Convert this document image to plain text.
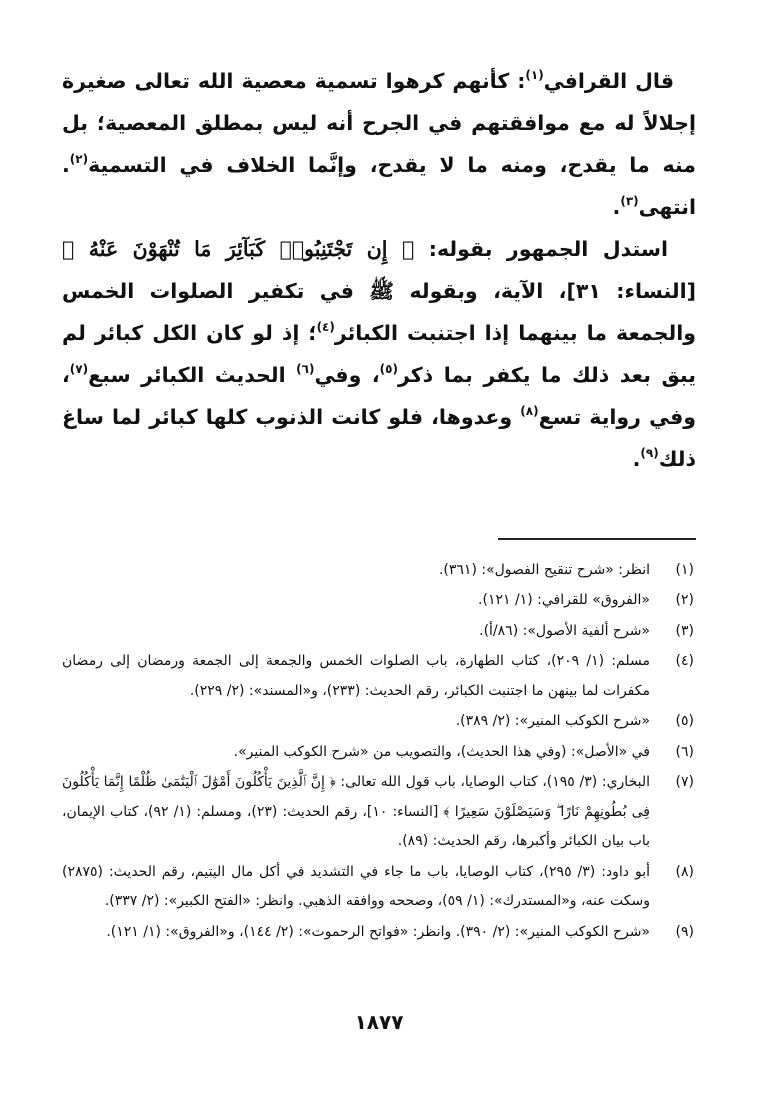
قال القرافي$^{(١)}$: كأنهم كرهوا تسمية معصية الله تعالى صغيرة إجلالاً له مع موافقتهم في الجرح أنه ليس بمطلق المعصية؛ بل منه ما يقدح، ومنه ما لا يقدح، وإنَّما الخلاف في التسمية$^{(٢)}$. انتهى$^{(٣)}$.

استدل الجمهور بقوله: ﴿ إِن تَجْتَنِبُوا۟ كَبَآئِرَ مَا تُنْهَوْنَ عَنْهُ ﴾ [النساء: ٣١]، الآية، وبقوله ﷺ في تكفير الصلوات الخمس والجمعة ما بينهما إذا اجتنبت الكبائر$^{(٤)}$؛ إذ لو كان الكل كبائر لم يبق بعد ذلك ما يكفر بما ذكر$^{(٥)}$، وفي$^{(٦)}$ الحديث الكبائر سبع$^{(٧)}$، وفي رواية تسع$^{(٨)}$ وعدوها، فلو كانت الذنوب كلها كبائر لما ساغ ذلك$^{(٩)}$.

(١)
انظر: «شرح تنقيح الفصول»: (٣٦١).
(٢)
«الفروق» للقرافي: (١/ ١٢١).
(٣)
«شرح ألفية الأصول»: (٨٦/أ).
(٤)
مسلم: (١/ ٢٠٩)، كتاب الطهارة، باب الصلوات الخمس والجمعة إلى الجمعة ورمضان إلى رمضان مكفرات لما بينهن ما اجتنبت الكبائر، رقم الحديث: (٢٣٣)، و«المسند»: (٢/ ٢٢٩).
(٥)
«شرح الكوكب المنير»: (٢/ ٣٨٩).
(٦)
في «الأصل»: (وفي هذا الحديث)، والتصويب من «شرح الكوكب المنير».
(٧)
البخاري: (٣/ ١٩٥)، كتاب الوصايا، باب قول الله تعالى: ﴿ إِنَّ ٱلَّذِينَ يَأْكُلُونَ أَمْوَٰلَ ٱلْيَتَٰمَىٰ ظُلْمًا إِنَّمَا يَأْكُلُونَ فِى بُطُونِهِمْ نَارًا ۖ وَسَيَصْلَوْنَ سَعِيرًا ﴾ [النساء: ١٠]، رقم الحديث: (٢٣)، ومسلم: (١/ ٩٢)، كتاب الإيمان، باب بيان الكبائر وأكبرها، رقم الحديث: (٨٩).
(٨)
أبو داود: (٣/ ٢٩٥)، كتاب الوصايا، باب ما جاء في التشديد في أكل مال اليتيم، رقم الحديث: (٢٨٧٥) وسكت عنه، و«المستدرك»: (١/ ٥٩)، وصححه ووافقه الذهبي. وانظر: «الفتح الكبير»: (٢/ ٣٣٧).
(٩)
«شرح الكوكب المنير»: (٢/ ٣٩٠). وانظر: «فواتح الرحموت»: (٢/ ١٤٤)، و«الفروق»: (١/ ١٢١).
١٨٧٧
